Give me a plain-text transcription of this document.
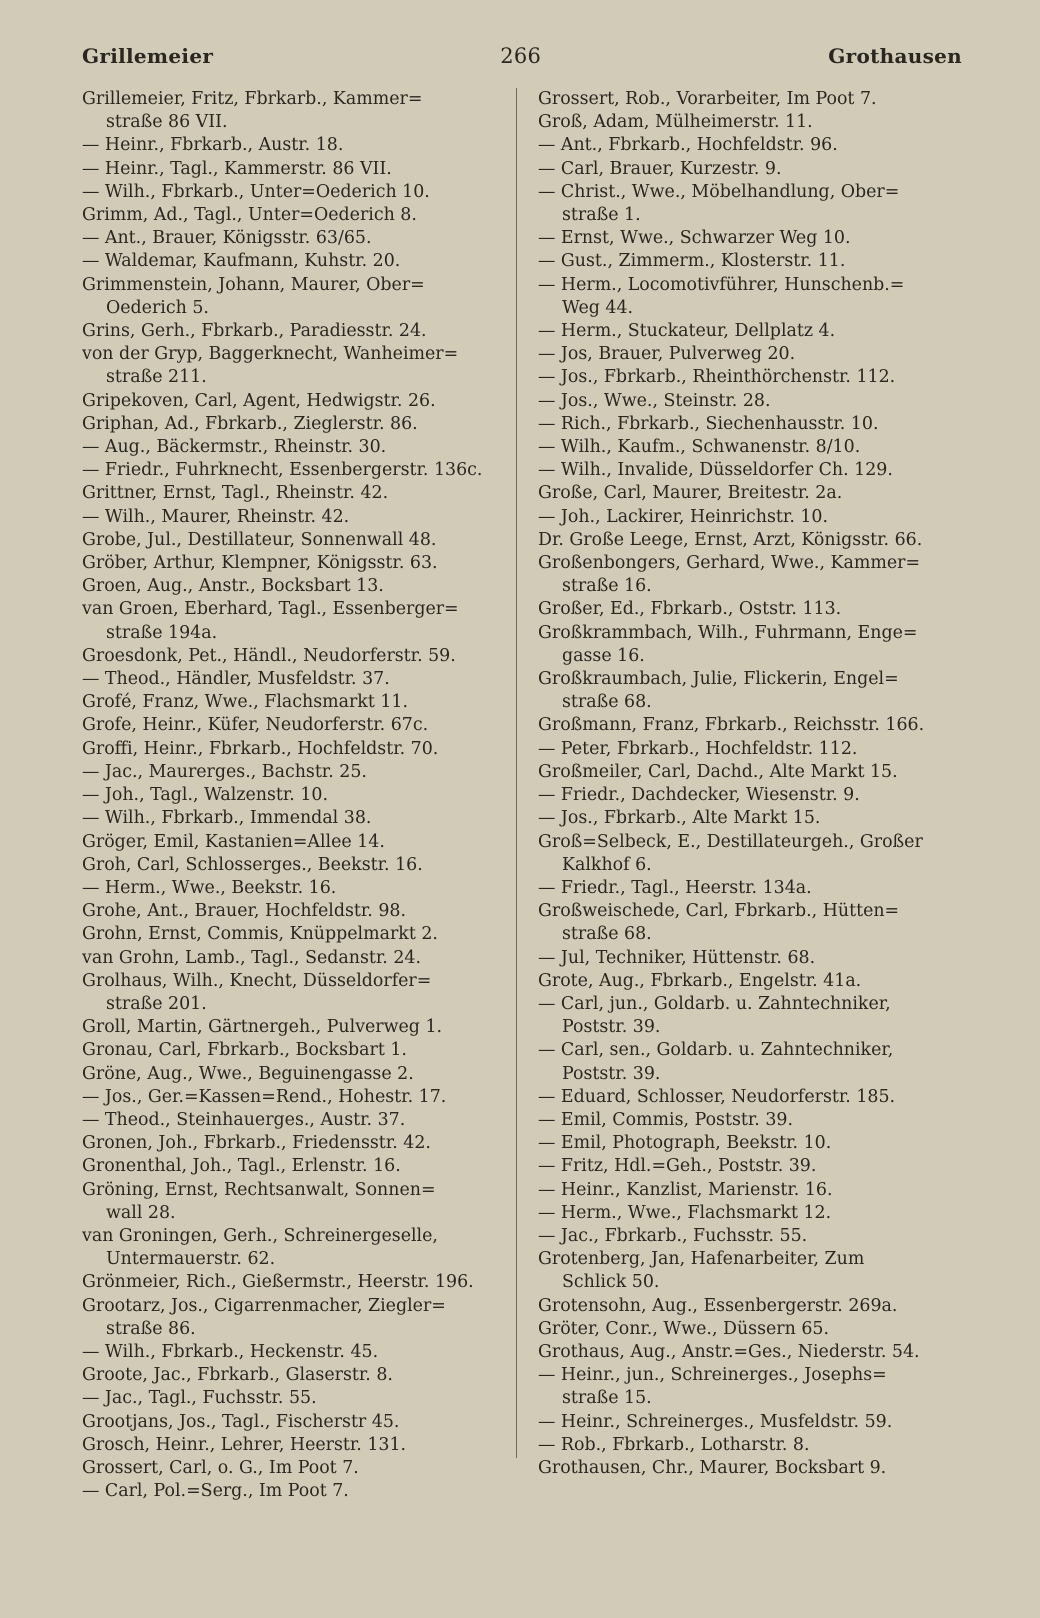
Grillemeier	266	Grothausen

Grillemeier, Fritz, Fbrkarb., Kammer=

straße 86 VII.

— Heinr., Fbrkarb., Austr. 18.

— Heinr., Tagl., Kammerstr. 86 VII.

— Wilh., Fbrkarb., Unter=Oederich 10.

Grimm, Ad., Tagl., Unter=Oederich 8.

— Ant., Brauer, Königsstr. 63/65.

— Waldemar, Kaufmann, Kuhstr. 20.

Grimmenstein, Johann, Maurer, Ober=

Oederich 5.

Grins, Gerh., Fbrkarb., Paradiesstr. 24.

von der Gryp, Baggerknecht, Wanheimer=

straße 211.

Gripekoven, Carl, Agent, Hedwigstr. 26.

Griphan, Ad., Fbrkarb., Zieglerstr. 86.

— Aug., Bäckermstr., Rheinstr. 30.

— Friedr., Fuhrknecht, Essenbergerstr. 136c.

Grittner, Ernst, Tagl., Rheinstr. 42.

— Wilh., Maurer, Rheinstr. 42.

Grobe, Jul., Destillateur, Sonnenwall 48.

Gröber, Arthur, Klempner, Königsstr. 63.

Groen, Aug., Anstr., Bocksbart 13.

van Groen, Eberhard, Tagl., Essenberger=

straße 194a.

Groesdonk, Pet., Händl., Neudorferstr. 59.

— Theod., Händler, Musfeldstr. 37.

Grofé, Franz, Wwe., Flachsmarkt 11.

Grofe, Heinr., Küfer, Neudorferstr. 67c.

Groffi, Heinr., Fbrkarb., Hochfeldstr. 70.

— Jac., Maurerges., Bachstr. 25.

— Joh., Tagl., Walzenstr. 10.

— Wilh., Fbrkarb., Immendal 38.

Gröger, Emil, Kastanien=Allee 14.

Groh, Carl, Schlosserges., Beekstr. 16.

— Herm., Wwe., Beekstr. 16.

Grohe, Ant., Brauer, Hochfeldstr. 98.

Grohn, Ernst, Commis, Knüppelmarkt 2.

van Grohn, Lamb., Tagl., Sedanstr. 24.

Grolhaus, Wilh., Knecht, Düsseldorfer=

straße 201.

Groll, Martin, Gärtnergeh., Pulverweg 1.

Gronau, Carl, Fbrkarb., Bocksbart 1.

Gröne, Aug., Wwe., Beguinengasse 2.

— Jos., Ger.=Kassen=Rend., Hohestr. 17.

— Theod., Steinhauerges., Austr. 37.

Gronen, Joh., Fbrkarb., Friedensstr. 42.

Gronenthal, Joh., Tagl., Erlenstr. 16.

Gröning, Ernst, Rechtsanwalt, Sonnen=

wall 28.

van Groningen, Gerh., Schreinergeselle,

Untermauerstr. 62.

Grönmeier, Rich., Gießermstr., Heerstr. 196.

Grootarz, Jos., Cigarrenmacher, Ziegler=

straße 86.

— Wilh., Fbrkarb., Heckenstr. 45.

Groote, Jac., Fbrkarb., Glaserstr. 8.

— Jac., Tagl., Fuchsstr. 55.

Grootjans, Jos., Tagl., Fischerstr 45.

Grosch, Heinr., Lehrer, Heerstr. 131.

Grossert, Carl, o. G., Im Poot 7.

— Carl, Pol.=Serg., Im Poot 7.

Grossert, Rob., Vorarbeiter, Im Poot 7.

Groß, Adam, Mülheimerstr. 11.

— Ant., Fbrkarb., Hochfeldstr. 96.

— Carl, Brauer, Kurzestr. 9.

— Christ., Wwe., Möbelhandlung, Ober=

straße 1.

— Ernst, Wwe., Schwarzer Weg 10.

— Gust., Zimmerm., Klosterstr. 11.

— Herm., Locomotivführer, Hunschenb.=

Weg 44.

— Herm., Stuckateur, Dellplatz 4.

— Jos, Brauer, Pulverweg 20.

— Jos., Fbrkarb., Rheinthörchenstr. 112.

— Jos., Wwe., Steinstr. 28.

— Rich., Fbrkarb., Siechenhausstr. 10.

— Wilh., Kaufm., Schwanenstr. 8/10.

— Wilh., Invalide, Düsseldorfer Ch. 129.

Große, Carl, Maurer, Breitestr. 2a.

— Joh., Lackirer, Heinrichstr. 10.

Dr. Große Leege, Ernst, Arzt, Königsstr. 66.

Großenbongers, Gerhard, Wwe., Kammer=

straße 16.

Großer, Ed., Fbrkarb., Oststr. 113.

Großkrammbach, Wilh., Fuhrmann, Enge=

gasse 16.

Großkraumbach, Julie, Flickerin, Engel=

straße 68.

Großmann, Franz, Fbrkarb., Reichsstr. 166.

— Peter, Fbrkarb., Hochfeldstr. 112.

Großmeiler, Carl, Dachd., Alte Markt 15.

— Friedr., Dachdecker, Wiesenstr. 9.

— Jos., Fbrkarb., Alte Markt 15.

Groß=Selbeck, E., Destillateurgeh., Großer

Kalkhof 6.

— Friedr., Tagl., Heerstr. 134a.

Großweischede, Carl, Fbrkarb., Hütten=

straße 68.

— Jul, Techniker, Hüttenstr. 68.

Grote, Aug., Fbrkarb., Engelstr. 41a.

— Carl, jun., Goldarb. u. Zahntechniker,

Poststr. 39.

— Carl, sen., Goldarb. u. Zahntechniker,

Poststr. 39.

— Eduard, Schlosser, Neudorferstr. 185.

— Emil, Commis, Poststr. 39.

— Emil, Photograph, Beekstr. 10.

— Fritz, Hdl.=Geh., Poststr. 39.

— Heinr., Kanzlist, Marienstr. 16.

— Herm., Wwe., Flachsmarkt 12.

— Jac., Fbrkarb., Fuchsstr. 55.

Grotenberg, Jan, Hafenarbeiter, Zum

Schlick 50.

Grotensohn, Aug., Essenbergerstr. 269a.

Gröter, Conr., Wwe., Düssern 65.

Grothaus, Aug., Anstr.=Ges., Niederstr. 54.

— Heinr., jun., Schreinerges., Josephs=

straße 15.

— Heinr., Schreinerges., Musfeldstr. 59.

— Rob., Fbrkarb., Lotharstr. 8.

Grothausen, Chr., Maurer, Bocksbart 9.
